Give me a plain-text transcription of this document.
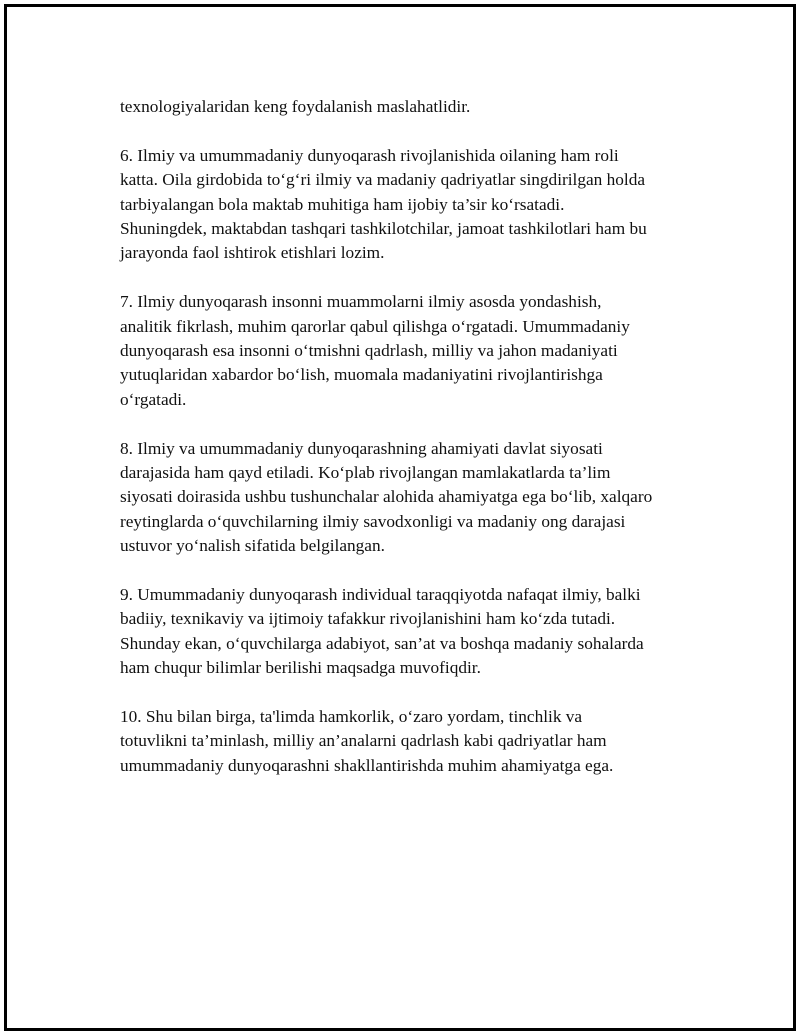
texnologiyalaridan keng foydalanish maslahatlidir.

6. Ilmiy va umummadaniy dunyoqarash rivojlanishida oilaning ham roli
katta. Oila girdobida to‘g‘ri ilmiy va madaniy qadriyatlar singdirilgan holda
tarbiyalangan bola maktab muhitiga ham ijobiy ta’sir ko‘rsatadi.
Shuningdek, maktabdan tashqari tashkilotchilar, jamoat tashkilotlari ham bu
jarayonda faol ishtirok etishlari lozim.

7. Ilmiy dunyoqarash insonni muammolarni ilmiy asosda yondashish,
analitik fikrlash, muhim qarorlar qabul qilishga o‘rgatadi. Umummadaniy
dunyoqarash esa insonni o‘tmishni qadrlash, milliy va jahon madaniyati
yutuqlaridan xabardor bo‘lish, muomala madaniyatini rivojlantirishga
o‘rgatadi.

8. Ilmiy va umummadaniy dunyoqarashning ahamiyati davlat siyosati
darajasida ham qayd etiladi. Ko‘plab rivojlangan mamlakatlarda ta’lim
siyosati doirasida ushbu tushunchalar alohida ahamiyatga ega bo‘lib, xalqaro
reytinglarda o‘quvchilarning ilmiy savodxonligi va madaniy ong darajasi
ustuvor yo‘nalish sifatida belgilangan.

9. Umummadaniy dunyoqarash individual taraqqiyotda nafaqat ilmiy, balki
badiiy, texnikaviy va ijtimoiy tafakkur rivojlanishini ham ko‘zda tutadi.
Shunday ekan, o‘quvchilarga adabiyot, san’at va boshqa madaniy sohalarda
ham chuqur bilimlar berilishi maqsadga muvofiqdir.

10. Shu bilan birga, ta'limda hamkorlik, o‘zaro yordam, tinchlik va
totuvlikni ta’minlash, milliy an’analarni qadrlash kabi qadriyatlar ham
umummadaniy dunyoqarashni shakllantirishda muhim ahamiyatga ega.
